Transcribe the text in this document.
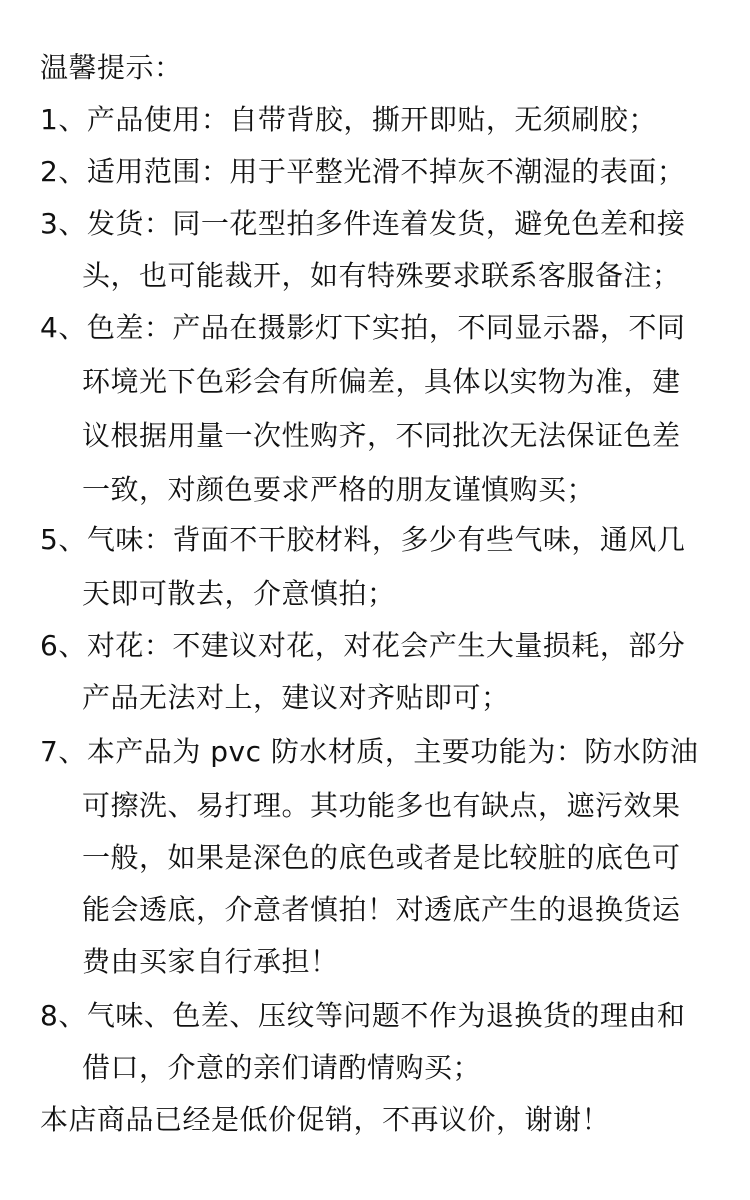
温馨提示：
1、产品使用：自带背胶，撕开即贴，无须刷胶；
2、适用范围：用于平整光滑不掉灰不潮湿的表面；
3、发货：同一花型拍多件连着发货，避免色差和接
头，也可能裁开，如有特殊要求联系客服备注；
4、色差：产品在摄影灯下实拍，不同显示器，不同
环境光下色彩会有所偏差，具体以实物为准，建
议根据用量一次性购齐，不同批次无法保证色差
一致，对颜色要求严格的朋友谨慎购买；
5、气味：背面不干胶材料，多少有些气味，通风几
天即可散去，介意慎拍；
6、对花：不建议对花，对花会产生大量损耗，部分
产品无法对上，建议对齐贴即可；
7、本产品为 pvc 防水材质，主要功能为：防水防油
可擦洗、易打理。其功能多也有缺点，遮污效果
一般，如果是深色的底色或者是比较脏的底色可
能会透底，介意者慎拍！对透底产生的退换货运
费由买家自行承担！
8、气味、色差、压纹等问题不作为退换货的理由和
借口，介意的亲们请酌情购买；
本店商品已经是低价促销，不再议价，谢谢！
